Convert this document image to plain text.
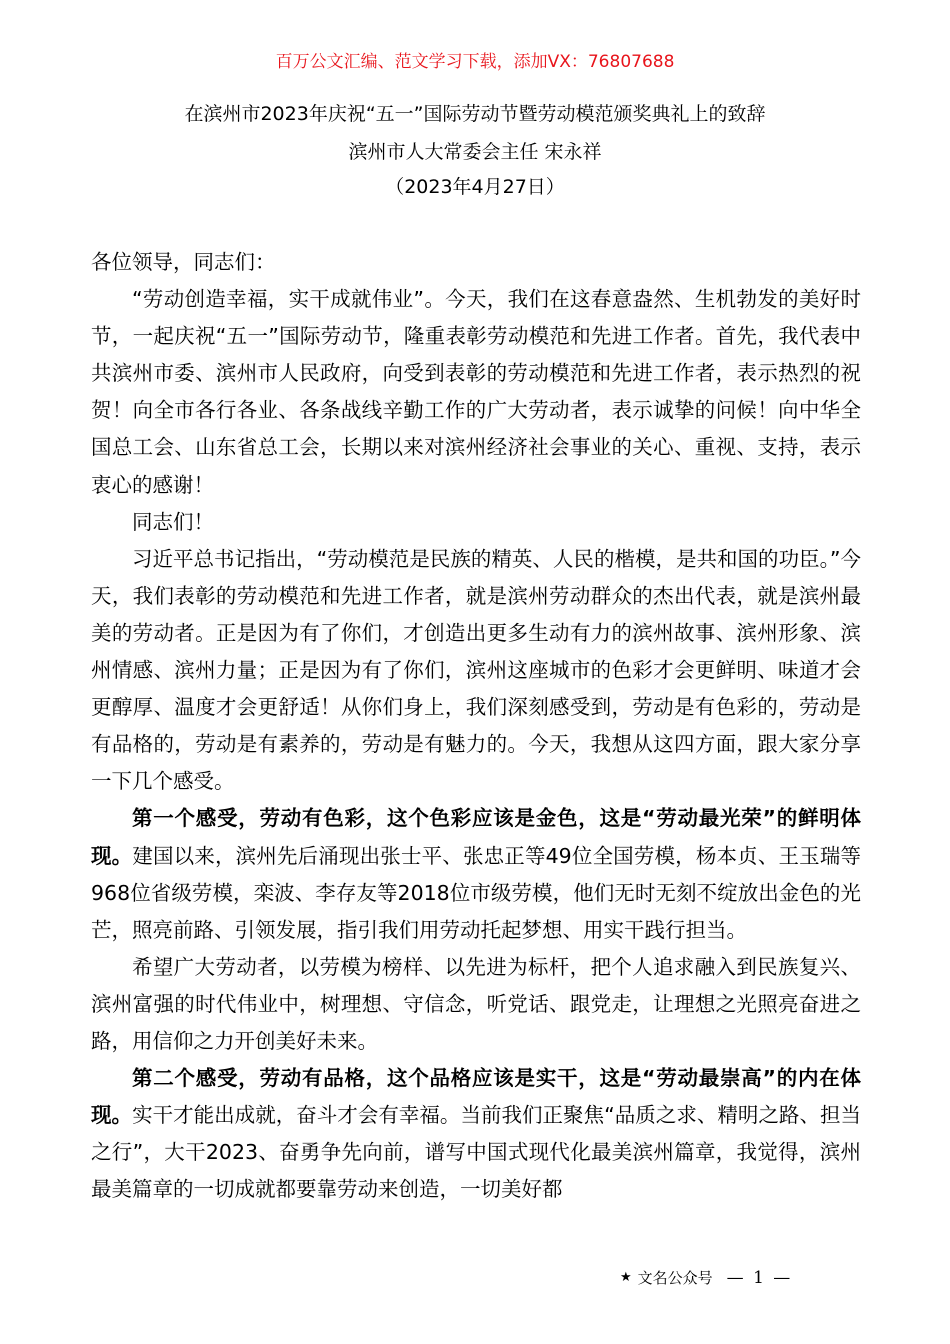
百万公文汇编、范文学习下载，添加VX：76807688
在滨州市2023年庆祝“五一”国际劳动节暨劳动模范颁奖典礼上的致辞
滨州市人大常委会主任 宋永祥
（2023年4月27日）

各位领导，同志们：

“劳动创造幸福，实干成就伟业”。今天，我们在这春意盎然、生机勃发的美好时节，一起庆祝“五一”国际劳动节，隆重表彰劳动模范和先进工作者。首先，我代表中共滨州市委、滨州市人民政府，向受到表彰的劳动模范和先进工作者，表示热烈的祝贺！向全市各行各业、各条战线辛勤工作的广大劳动者，表示诚挚的问候！向中华全国总工会、山东省总工会，长期以来对滨州经济社会事业的关心、重视、支持，表示衷心的感谢！

同志们！

习近平总书记指出，“劳动模范是民族的精英、人民的楷模，是共和国的功臣。”今天，我们表彰的劳动模范和先进工作者，就是滨州劳动群众的杰出代表，就是滨州最美的劳动者。正是因为有了你们，才创造出更多生动有力的滨州故事、滨州形象、滨州情感、滨州力量；正是因为有了你们，滨州这座城市的色彩才会更鲜明、味道才会更醇厚、温度才会更舒适！从你们身上，我们深刻感受到，劳动是有色彩的，劳动是有品格的，劳动是有素养的，劳动是有魅力的。今天，我想从这四方面，跟大家分享一下几个感受。

第一个感受，劳动有色彩，这个色彩应该是金色，这是“劳动最光荣”的鲜明体现。建国以来，滨州先后涌现出张士平、张忠正等49位全国劳模，杨本贞、王玉瑞等968位省级劳模，栾波、李存友等2018位市级劳模，他们无时无刻不绽放出金色的光芒，照亮前路、引领发展，指引我们用劳动托起梦想、用实干践行担当。

希望广大劳动者，以劳模为榜样、以先进为标杆，把个人追求融入到民族复兴、滨州富强的时代伟业中，树理想、守信念，听党话、跟党走，让理想之光照亮奋进之路，用信仰之力开创美好未来。

第二个感受，劳动有品格，这个品格应该是实干，这是“劳动最崇高”的内在体现。实干才能出成就，奋斗才会有幸福。当前我们正聚焦“品质之求、精明之路、担当之行”，大干2023、奋勇争先向前，谱写中国式现代化最美滨州篇章，我觉得，滨州最美篇章的一切成就都要靠劳动来创造，一切美好都

★ 文名公众号 — 1 —
